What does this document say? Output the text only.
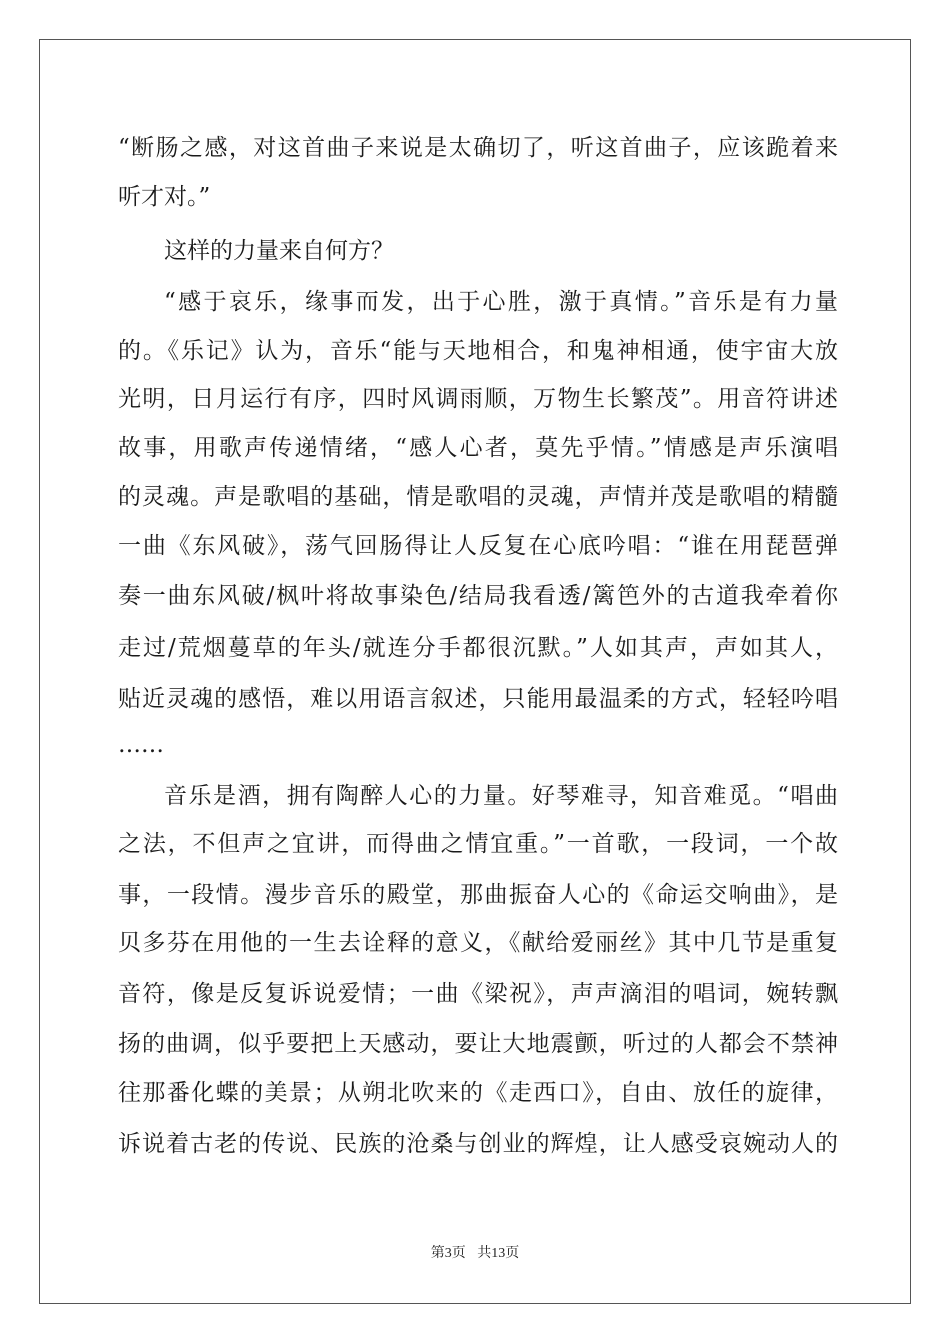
“断肠之感，对这首曲子来说是太确切了，听这首曲子，应该跪着来
听才对。”
这样的力量来自何方？
“感于哀乐，缘事而发，出于心胜，激于真情。”音乐是有力量
的。《乐记》认为，音乐“能与天地相合，和鬼神相通，使宇宙大放
光明，日月运行有序，四时风调雨顺，万物生长繁茂”。用音符讲述
故事，用歌声传递情绪，“感人心者，莫先乎情。”情感是声乐演唱
的灵魂。声是歌唱的基础，情是歌唱的灵魂，声情并茂是歌唱的精髓
一曲《东风破》，荡气回肠得让人反复在心底吟唱：“谁在用琵琶弹
奏一曲东风破/枫叶将故事染色/结局我看透/篱笆外的古道我牵着你
走过/荒烟蔓草的年头/就连分手都很沉默。”人如其声，声如其人，
贴近灵魂的感悟，难以用语言叙述，只能用最温柔的方式，轻轻吟唱
……
音乐是酒，拥有陶醉人心的力量。好琴难寻，知音难觅。“唱曲
之法，不但声之宜讲，而得曲之情宜重。”一首歌，一段词，一个故
事，一段情。漫步音乐的殿堂，那曲振奋人心的《命运交响曲》，是
贝多芬在用他的一生去诠释的意义，《献给爱丽丝》其中几节是重复
音符，像是反复诉说爱情；一曲《梁祝》，声声滴泪的唱词，婉转飘
扬的曲调，似乎要把上天感动，要让大地震颤，听过的人都会不禁神
往那番化蝶的美景；从朔北吹来的《走西口》，自由、放任的旋律，
诉说着古老的传说、民族的沧桑与创业的辉煌，让人感受哀婉动人的
第3页 共13页
